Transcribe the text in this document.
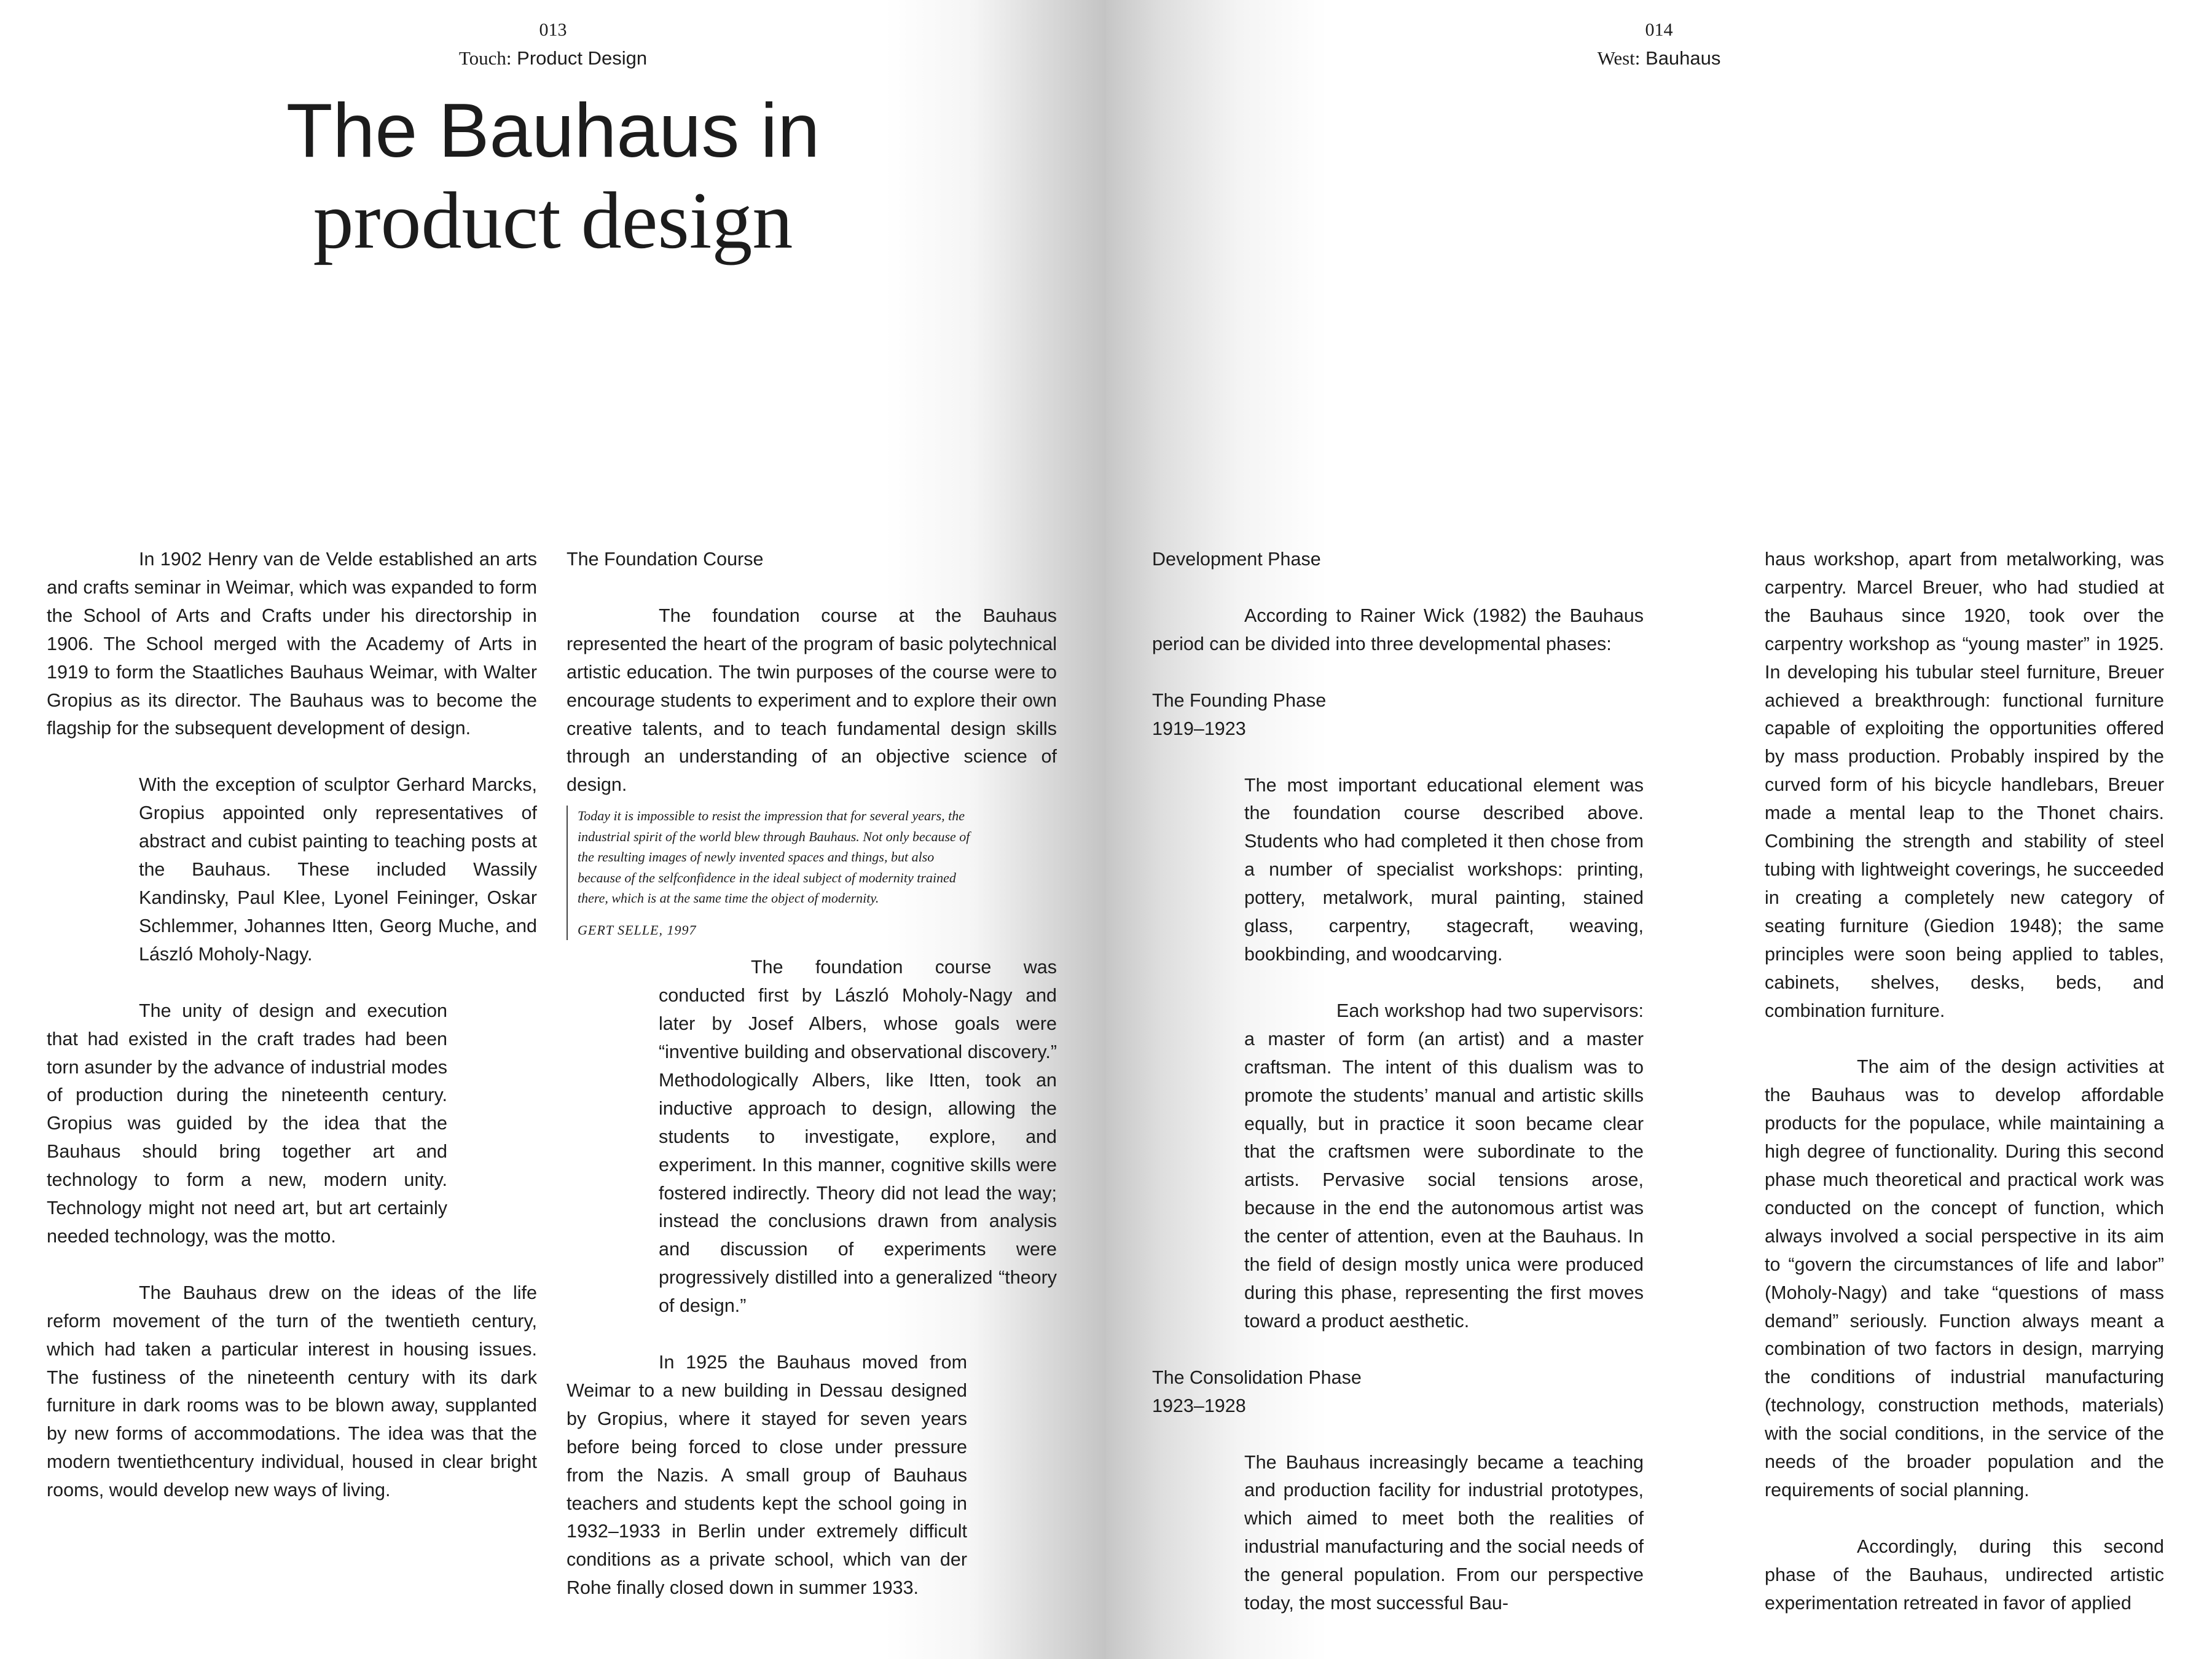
013
Touch: Product Design
The Bauhaus in
product design

In 1902 Henry van de Velde established an arts and crafts seminar in Weimar, which was expanded to form the School of Arts and Crafts under his directorship in 1906. The School merged with the Academy of Arts in 1919 to form the Staatliches Bauhaus Weimar, with Walter Gropius as its director. The Bauhaus was to become the flagship for the subsequent development of design.

With the exception of sculptor Gerhard Marcks, Gropius appointed only representatives of abstract and cubist painting to teaching posts at the Bauhaus. These included Wassily Kandinsky, Paul Klee, Lyonel Feininger, Oskar Schlemmer, Johannes Itten, Georg Muche, and László Moholy-Nagy.

The unity of design and execution that had existed in the craft trades had been torn asunder by the advance of industrial modes of production during the nineteenth century. Gropius was guided by the idea that the Bauhaus should bring together art and technology to form a new, modern unity. Technology might not need art, but art certainly needed technology, was the motto.

The Bauhaus drew on the ideas of the life reform movement of the turn of the twentieth century, which had taken a particular interest in housing issues. The fustiness of the nineteenth century with its dark furniture in dark rooms was to be blown away, supplanted by new forms of accommodations. The idea was that the modern twentiethcentury individual, housed in clear bright rooms, would develop new ways of living.

The Foundation Course

The foundation course at the Bauhaus represented the heart of the program of basic polytechnical artistic education. The twin purposes of the course were to encourage students to experiment and to explore their own creative talents, and to teach fundamental design skills through an understanding of an objective science of design.

Today it is impossible to resist the impression that for several years, the industrial spirit of the world blew through Bauhaus. Not only because of the resulting images of newly invented spaces and things, but also because of the selfconfidence in the ideal subject of modernity trained there, which is at the same time the object of modernity.
GERT SELLE, 1997

The foundation course was conducted first by László Moholy-Nagy and later by Josef Albers, whose goals were “inventive building and observational discovery.” Methodologically Albers, like Itten, took an inductive approach to design, allowing the students to investigate, explore, and experiment. In this manner, cognitive skills were fostered indirectly. Theory did not lead the way; instead the conclusions drawn from analysis and discussion of experiments were progressively distilled into a generalized “theory of design.”

In 1925 the Bauhaus moved from Weimar to a new building in Dessau designed by Gropius, where it stayed for seven years before being forced to close under pressure from the Nazis. A small group of Bauhaus teachers and students kept the school going in 1932–1933 in Berlin under extremely difficult conditions as a private school, which van der Rohe finally closed down in summer 1933.

014
West: Bauhaus

Development Phase

According to Rainer Wick (1982) the Bauhaus period can be divided into three developmental phases:

The Founding Phase

1919–1923

The most important educational element was the foundation course described above. Students who had completed it then chose from a number of specialist workshops: printing, pottery, metalwork, mural painting, stained glass, carpentry, stagecraft, weaving, bookbinding, and woodcarving.

Each workshop had two supervisors: a master of form (an artist) and a master craftsman. The intent of this dualism was to promote the students’ manual and artistic skills equally, but in practice it soon became clear that the craftsmen were subordinate to the artists. Pervasive social tensions arose, because in the end the autonomous artist was the center of attention, even at the Bauhaus. In the field of design mostly unica were produced during this phase, representing the first moves toward a product aesthetic.

The Consolidation Phase

1923–1928

The Bauhaus increasingly became a teaching and production facility for industrial prototypes, which aimed to meet both the realities of industrial manufacturing and the social needs of the general population. From our perspective today, the most successful Bau-

haus workshop, apart from metalworking, was carpentry. Marcel Breuer, who had studied at the Bauhaus since 1920, took over the carpentry workshop as “young master” in 1925. In developing his tubular steel furniture, Breuer achieved a breakthrough: functional furniture capable of exploiting the opportunities offered by mass production. Probably inspired by the curved form of his bicycle handlebars, Breuer made a mental leap to the Thonet chairs. Combining the strength and stability of steel tubing with lightweight coverings, he succeeded in creating a completely new category of seating furniture (Giedion 1948); the same principles were soon being applied to tables, cabinets, shelves, desks, beds, and combination furniture.

The aim of the design activities at the Bauhaus was to develop affordable products for the populace, while maintaining a high degree of functionality. During this second phase much theoretical and practical work was conducted on the concept of function, which always involved a social perspective in its aim to “govern the circumstances of life and labor” (Moholy-Nagy) and take “questions of mass demand” seriously. Function always meant a combination of two factors in design, marrying the conditions of industrial manufacturing (technology, construction methods, materials) with the social conditions, in the service of the needs of the broader population and the requirements of social planning.

Accordingly, during this second phase of the Bauhaus, undirected artistic experimentation retreated in favor of applied
